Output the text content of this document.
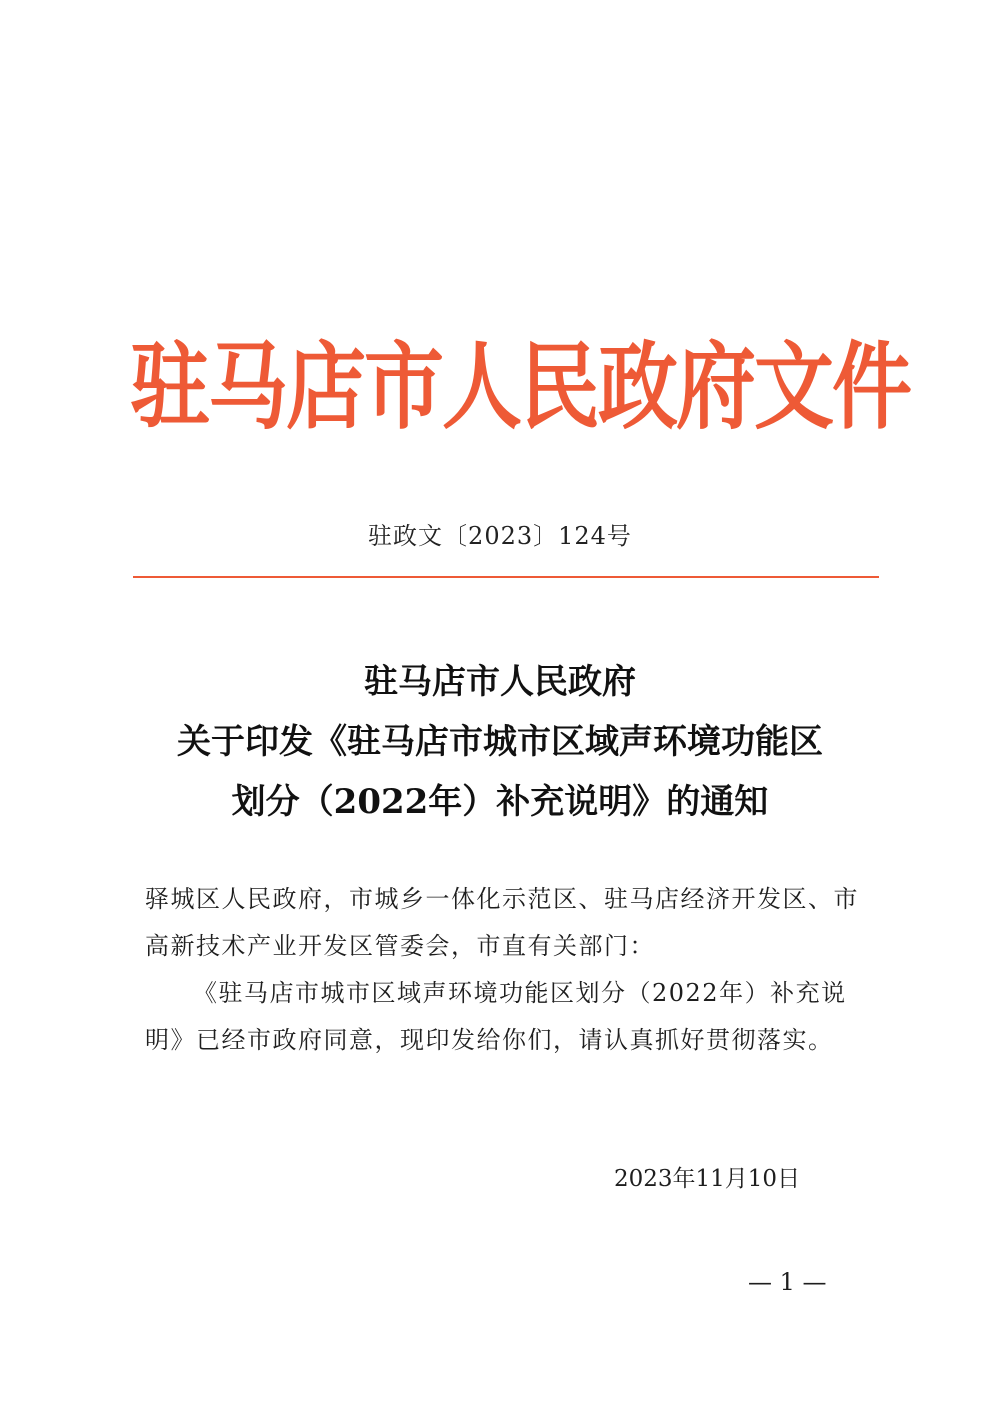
驻马店市人民政府文件
驻政文〔2023〕124号
驻马店市人民政府
关于印发《驻马店市城市区域声环境功能区
划分（2022年）补充说明》的通知

驿城区人民政府，市城乡一体化示范区、驻马店经济开发区、市

高新技术产业开发区管委会，市直有关部门：

《驻马店市城市区域声环境功能区划分（2022年）补充说明》已经市政府同意，现印发给你们，请认真抓好贯彻落实。

2023年11月10日
— 1 —
